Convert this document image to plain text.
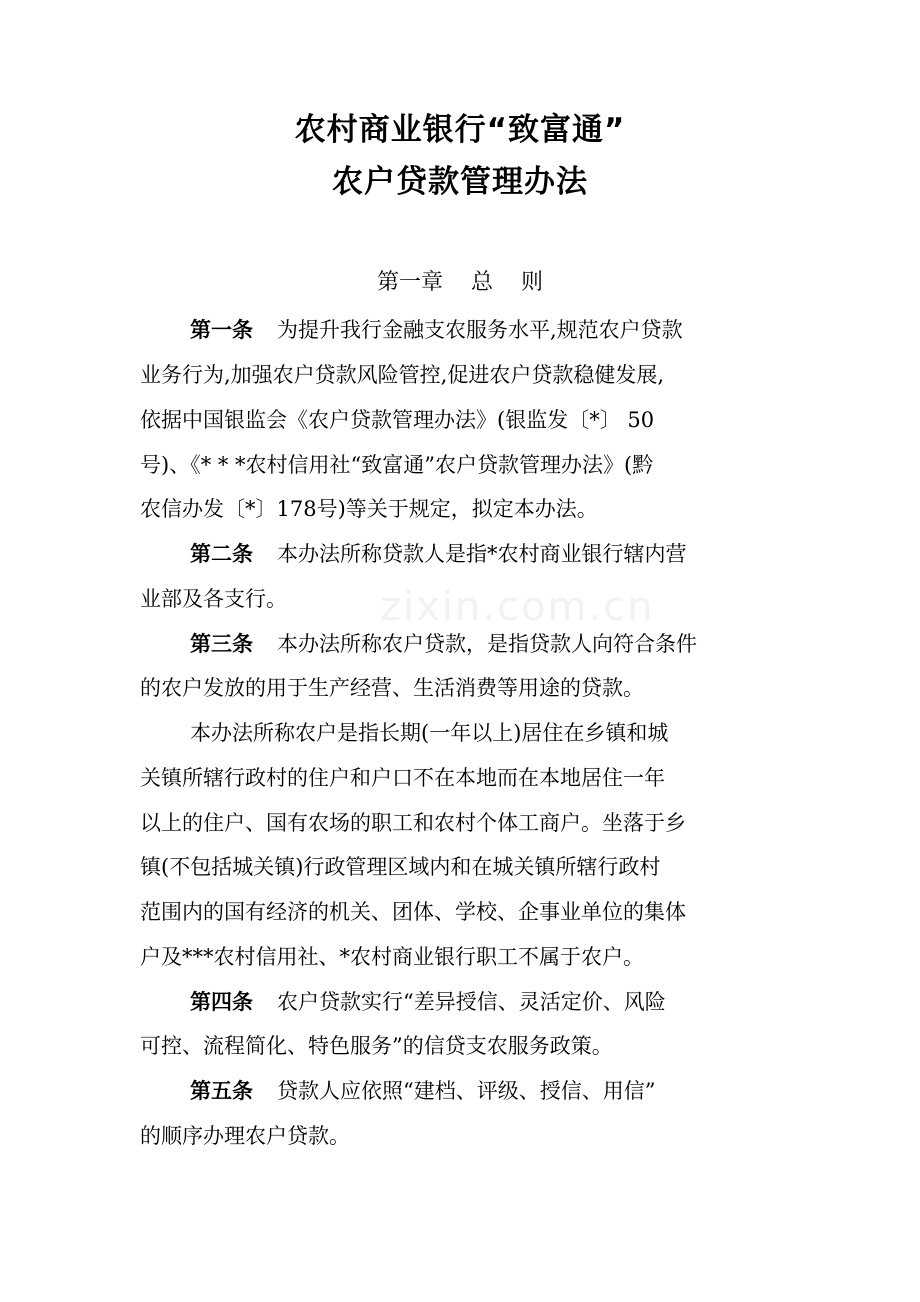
zixin.com.cn
农村商业银行“致富通”
农户贷款管理办法
第一章    总    则
第一条 为提升我行金融支农服务水平,规范农户贷款
业务行为,加强农户贷款风险管控,促进农户贷款稳健发展,
依据中国银监会《农户贷款管理办法》(银监发〔*〕 50
号)、《* * *农村信用社“致富通”农户贷款管理办法》(黔
农信办发〔*〕178号)等关于规定，拟定本办法。
第二条 本办法所称贷款人是指*农村商业银行辖内营
业部及各支行。
第三条 本办法所称农户贷款，是指贷款人向符合条件
的农户发放的用于生产经营、生活消费等用途的贷款。
本办法所称农户是指长期(一年以上)居住在乡镇和城
关镇所辖行政村的住户和户口不在本地而在本地居住一年
以上的住户、国有农场的职工和农村个体工商户。坐落于乡
镇(不包括城关镇)行政管理区域内和在城关镇所辖行政村
范围内的国有经济的机关、团体、学校、企事业单位的集体
户及***农村信用社、*农村商业银行职工不属于农户。
第四条 农户贷款实行“差异授信、灵活定价、风险
可控、流程简化、特色服务”的信贷支农服务政策。
第五条 贷款人应依照“建档、评级、授信、用信”
的顺序办理农户贷款。
